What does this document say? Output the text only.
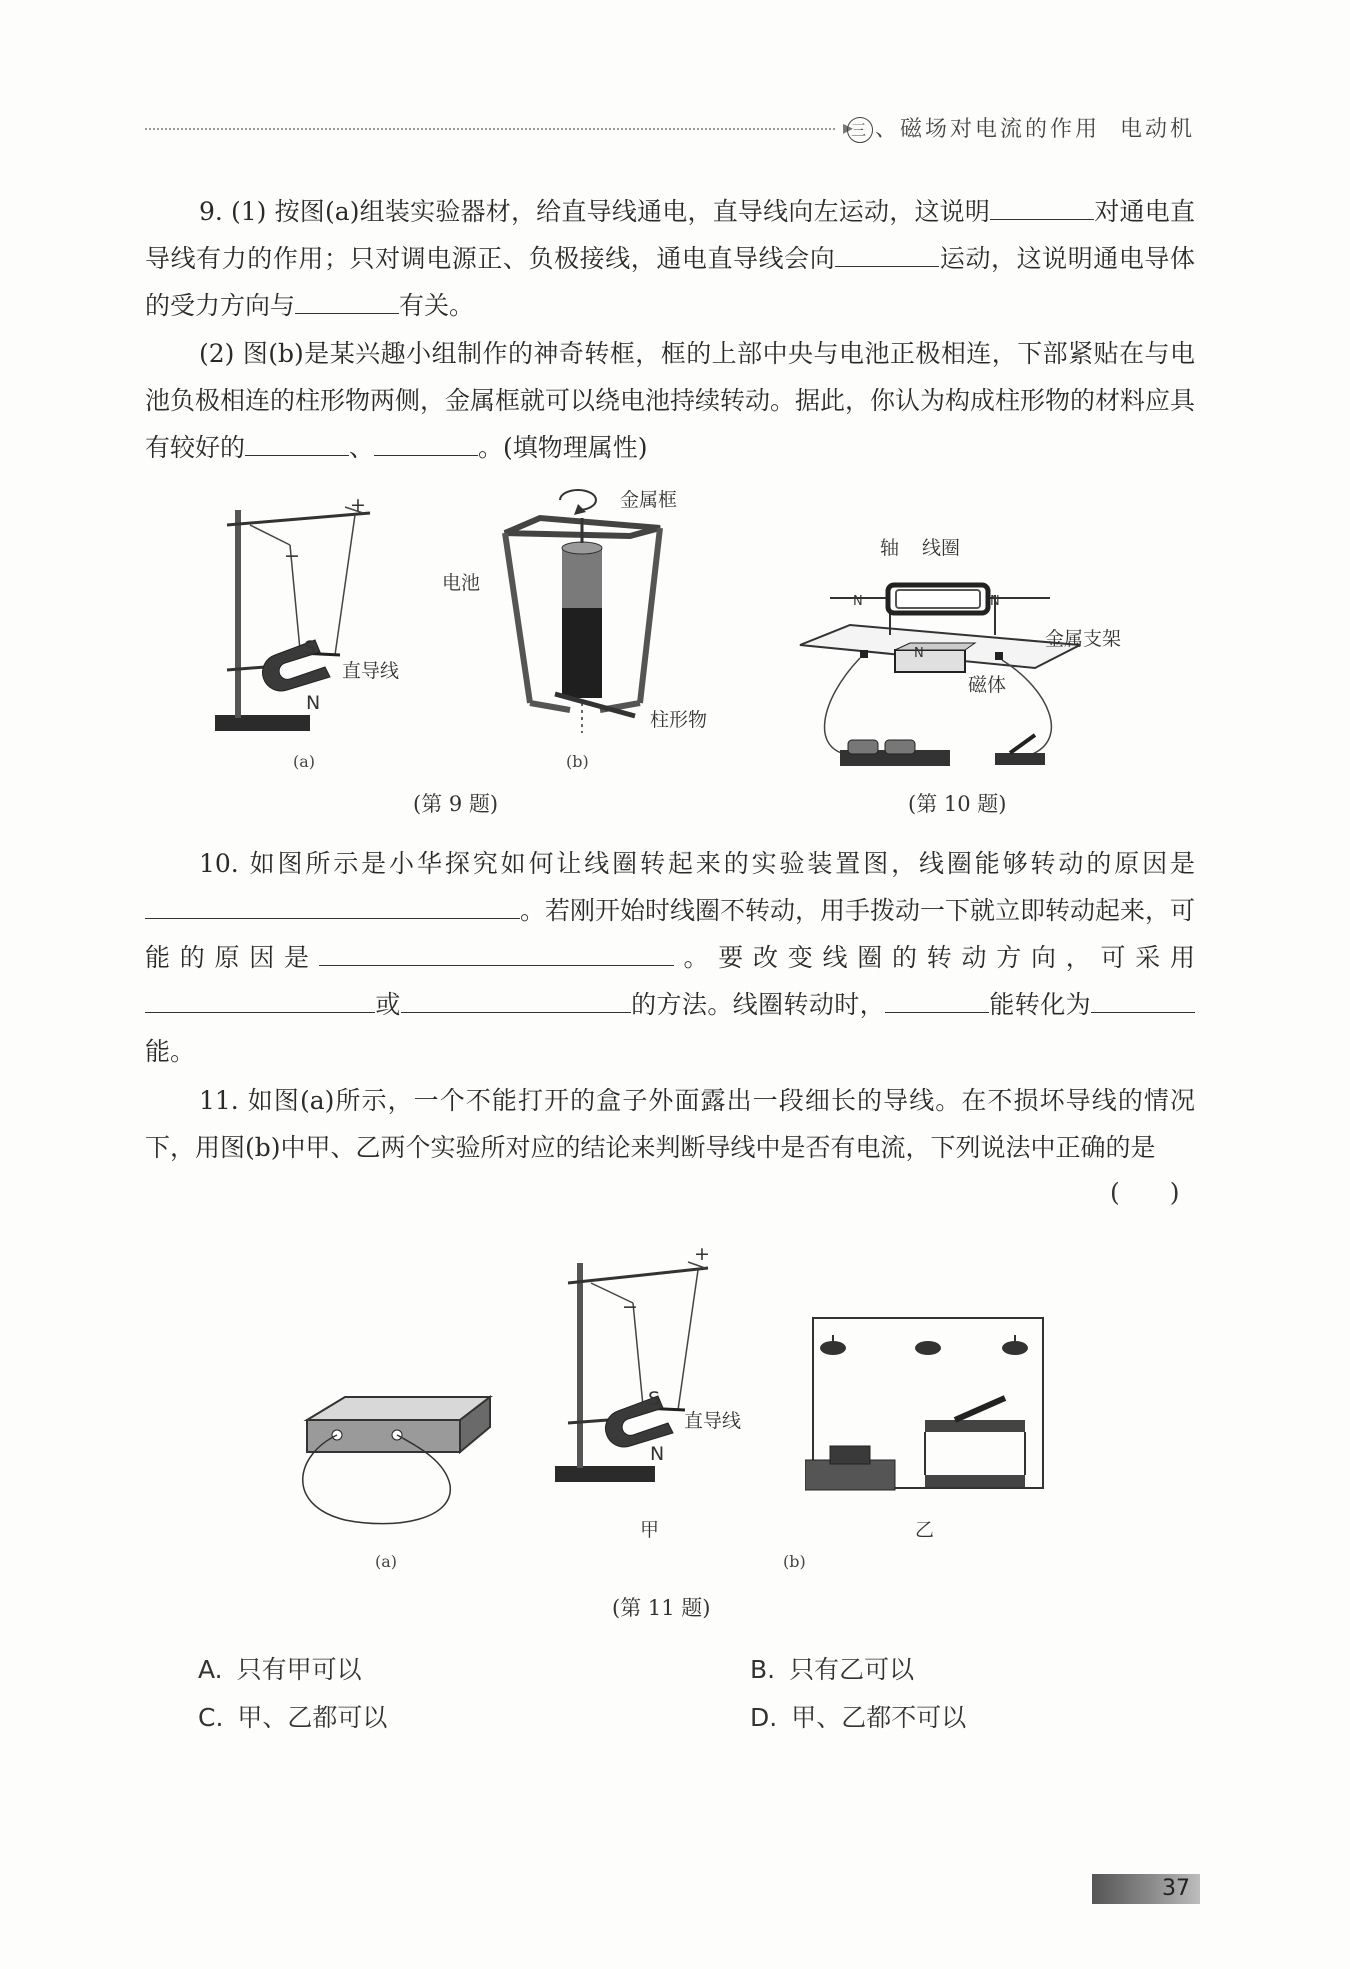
▸
三 、磁场对电流的作用 电动机

9. (1) 按图(a)组装实验器材，给直导线通电，直导线向左运动，这说明	对通电直导线有力的作用；只对调电源正、负极接线，通电直导线会向	运动，这说明通电导体的受力方向与	有关。

(2) 图(b)是某兴趣小组制作的神奇转框，框的上部中央与电池正极相连，下部紧贴在与电池负极相连的柱形物两侧，金属框就可以绕电池持续转动。据此，你认为构成柱形物的材料应具有较好的	、	。(填物理属性)

+
−
S
N
直导线
(a)
金属框
电池
柱形物
(b)
(第 9 题)
轴 线圈
N	N
金属支架
N
磁体
(第 10 题)

10. 如图所示是小华探究如何让线圈转起来的实验装置图，线圈能够转动的原因是。若刚开始时线圈不转动，用手拨动一下就立即转动起来，可能的原因是	。要改变线圈的转动方向，可采用或	的方法。线圈转动时，	能转化为能。

11. 如图(a)所示，一个不能打开的盒子外面露出一段细长的导线。在不损坏导线的情况下，用图(b)中甲、乙两个实验所对应的结论来判断导线中是否有电流，下列说法中正确的是

(　　)
(a)
+
−
S
N
直导线
甲	乙
(b)
(第 11 题)
A. 只有甲可以	B. 只有乙可以
C. 甲、乙都可以	D. 甲、乙都不可以
37
